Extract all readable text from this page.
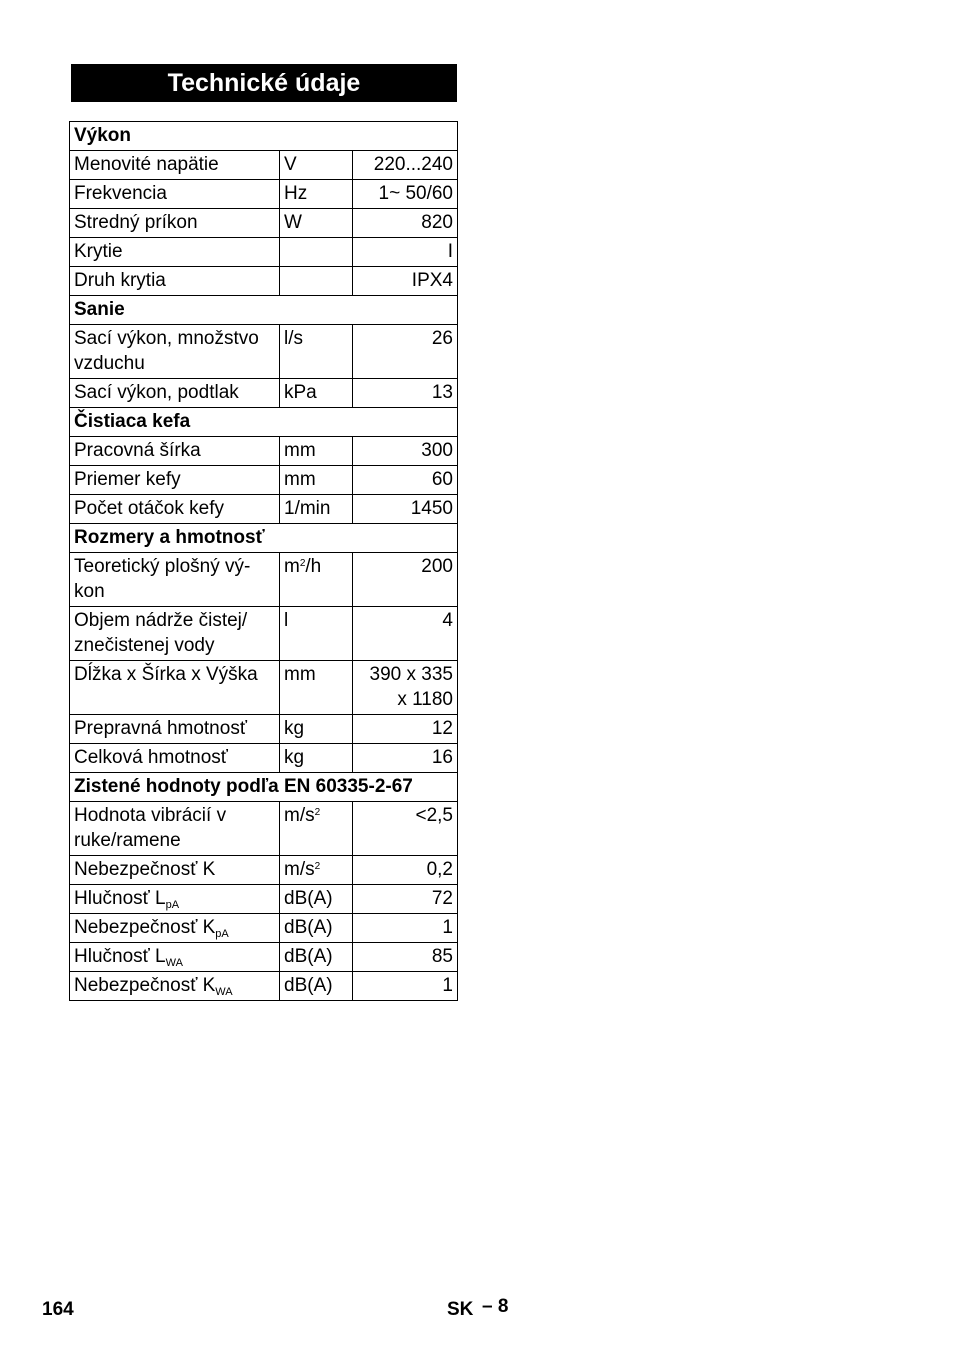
Technické údaje
Výkon		
Menovité napätie	V	220...240
Frekvencia	Hz	1~ 50/60
Stredný príkon	W	820
Krytie		I
Druh krytia		IPX4
Sanie		
Sací výkon, množstvo vzduchu	l/s	26
Sací výkon, podtlak	kPa	13
Čistiaca kefa		
Pracovná šírka	mm	300
Priemer kefy	mm	60
Počet otáčok kefy	1/min	1450
Rozmery a hmotnosť		
Teoretický plošný vý-kon	$m^2/h$	200
Objem nádrže čistej/ znečistenej vody	l	4
Dĺžka x Šírka x Výška	mm	390 x 335 x 1180
Prepravná hmotnosť	kg	12
Celková hmotnosť	kg	16
Zistené hodnoty podľa EN 60335-2-67		
Hodnota vibrácií v ruke/ramene	$m/s^2$	<2,5
Nebezpečnosť K	$m/s^2$	0,2
Hlučnosť $L_{pA}$	dB(A)	72
Nebezpečnosť $K_{pA}$	dB(A)	1
Hlučnosť $L_{WA}$	dB(A)	85
Nebezpečnosť $K_{WA}$	dB(A)	1
164	SK – 8
